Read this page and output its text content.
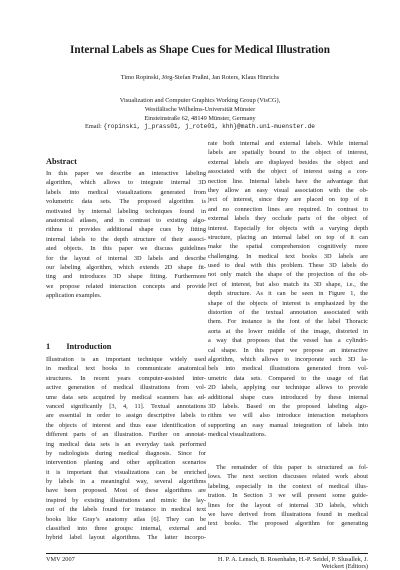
Internal Labels as Shape Cues for Medical Illustration
Timo Ropinski, Jörg-Stefan Praßni, Jan Roters, Klaus Hinrichs
Visualization and Computer Graphics Working Group (VisCG),
Westfälische Wilhelms-Universität Münster
Einsteinstraße 62, 48149 Münster, Germany
Email: {ropinski, j_prass01, j_rote01, khh}@math.uni-muenster.de
Abstract
In this paper we describe an interactive labeling
algorithm, which allows to integrate internal 3D
labels into medical visualizations generated from
volumetric data sets. The proposed algorithm is
motivated by internal labeling techniques found in
anatomical atlases, and in contrast to existing algo-
rithms it provides additional shape cues by fitting
internal labels to the depth structure of their associ-
ated objects. In this paper we discuss guidelines
for the layout of internal 3D labels and describe
our labeling algorithm, which extends 2D shape fit-
ting and introduces 3D shape fitting. Furthermore
we propose related interaction concepts and provide
application examples.
1 Introduction
Illustration is an important technique widely used
in medical text books to communicate anatomical
structures. In recent years computer-assisted inter-
active generation of medical illustrations from vol-
ume data sets acquired by medical scanners has ad-
vanced significantly [3, 4, 11]. Textual annotations
are essential in order to assign descriptive labels to
the objects of interest and thus ease identification of
different parts of an illustration. Further on annotat-
ing medical data sets is an everyday task performed
by radiologists during medical diagnosis. Since for
intervention planing and other application scenarios
it is important that visualizations can be enriched
by labels in a meaningful way, several algorithms
have been proposed. Most of these algorithms are
inspired by existing illustrations and mimic the lay-
out of the labels found for instance in medical text
books like Gray’s anatomy atlas [6]. They can be
classified into three groups: internal, external and
hybrid label layout algorithms. The latter incorpo-
rate both internal and external labels. While internal
labels are spatially bound to the object of interest,
external labels are displayed besides the object and
associated with the object of interest using a con-
nection line. Internal labels have the advantage that
they allow an easy visual association with the ob-
ject of interest, since they are placed on top of it
and no connection lines are required. In contrast to
external labels they occlude parts of the object of
interest. Especially for objects with a varying depth
structure, placing an internal label on top of it can
make the spatial comprehension cognitively more
challenging. In medical text books 3D labels are
used to deal with this problem. These 3D labels do
not only match the shape of the projection of the ob-
ject of interest, but also match its 3D shape, i.e., the
depth structure. As it can be seen in Figure 1, the
shape of the objects of interest is emphasized by the
distortion of the textual annotation associated with
them. For instance is the font of the label Thoracic
aorta at the lower middle of the image, distorted in
a way that proposes that the vessel has a cylindri-
cal shape. In this paper we propose an interactive
algorithm, which allows to incorporate such 3D la-
bels into medical illustrations generated from vol-
umetric data sets. Compared to the usage of flat
2D labels, applying our technique allows to provide
additional shape cues introduced by these internal
3D labels. Based on the proposed labeling algo-
rithm we will also introduce interaction metaphors
supporting an easy manual integration of labels into
medical visualizations.
The remainder of this paper is structured as fol-
lows. The next section discusses related work about
labeling, especially in the context of medical illus-
tration. In Section 3 we will present some guide-
lines for the layout of internal 3D labels, which
we have derived from illustrations found in medical
text books. The proposed algorithm for generating
VMV 2007	H. P. A. Lensch, B. Rosenhahn, H.-P. Seidel, P. Slusallek, J. Weickert (Editors)
